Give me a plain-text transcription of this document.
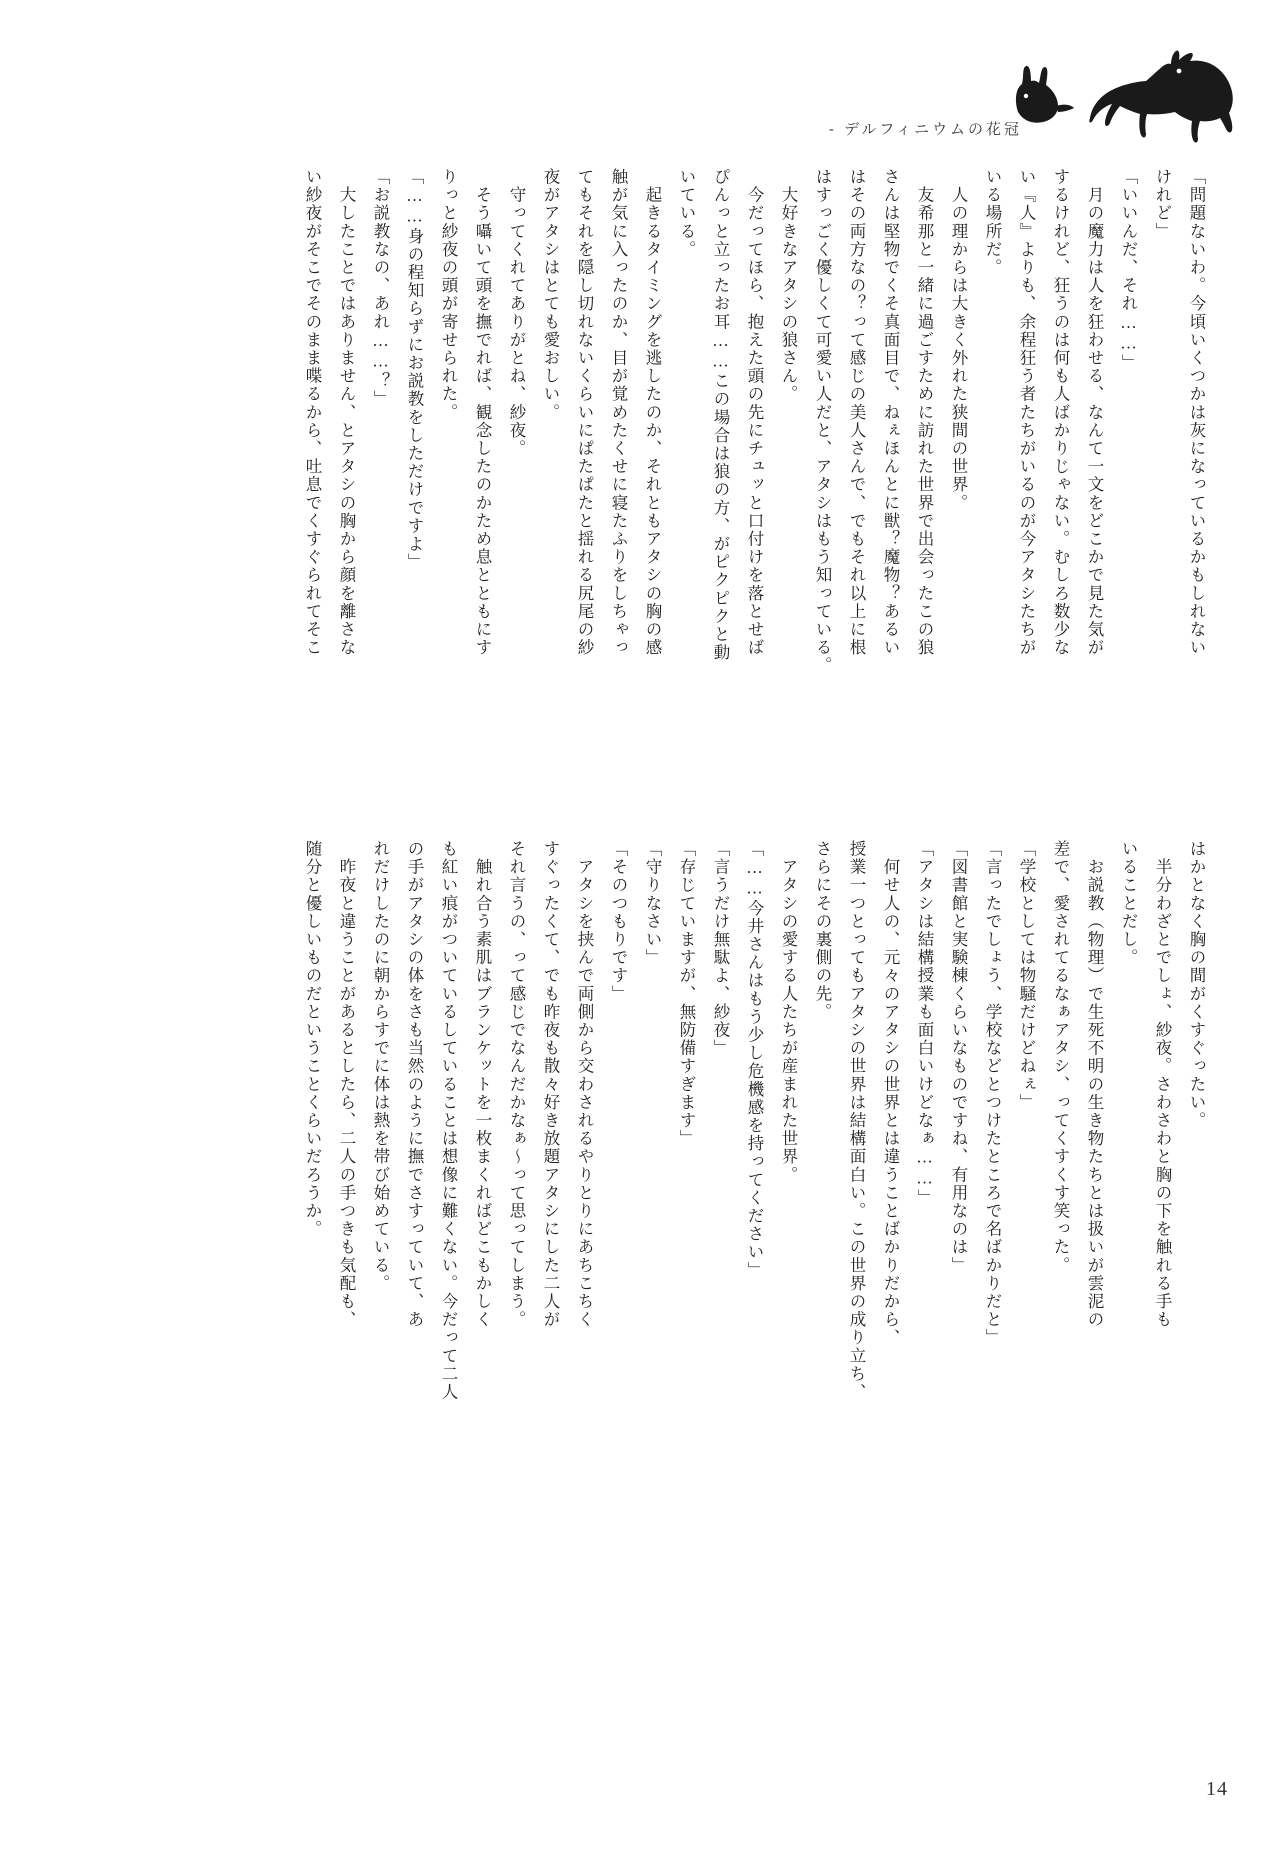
- デルフィニウムの花冠
「問題ないわ。今頃いくつかは灰になっているかもしれない
けれど」
「いいんだ、それ……」
　月の魔力は人を狂わせる、なんて一文をどこかで見た気が
するけれど、狂うのは何も人ばかりじゃない。むしろ数少な
い『人』よりも、余程狂う者たちがいるのが今アタシたちが
いる場所だ。
　人の理からは大きく外れた狭間の世界。
　友希那と一緒に過ごすために訪れた世界で出会ったこの狼
さんは堅物でくそ真面目で、ねぇほんとに獣？魔物？あるい
はその両方なの？って感じの美人さんで、でもそれ以上に根
はすっごく優しくて可愛い人だと、アタシはもう知っている。
　大好きなアタシの狼さん。
　今だってほら、抱えた頭の先にチュッと口付けを落とせば
ぴんっと立ったお耳……この場合は狼の方、がピクピクと動
いている。
　起きるタイミングを逃したのか、それともアタシの胸の感
触が気に入ったのか、目が覚めたくせに寝たふりをしちゃっ
てもそれを隠し切れないくらいにぱたぱたと揺れる尻尾の紗
夜がアタシはとても愛おしい。
　守ってくれてありがとね、紗夜。
　そう囁いて頭を撫でれば、観念したのかため息とともにす
りっと紗夜の頭が寄せられた。
「……身の程知らずにお説教をしただけですよ」
「お説教なの、あれ……？」
　大したことではありません、とアタシの胸から顔を離さな
い紗夜がそこでそのまま喋るから、吐息でくすぐられてそこ
はかとなく胸の間がくすぐったい。
　半分わざとでしょ、紗夜。さわさわと胸の下を触れる手も
いることだし。
　お説教（物理）で生死不明の生き物たちとは扱いが雲泥の
差で、愛されてるなぁアタシ、ってくすくす笑った。
「学校としては物騒だけどねぇ」
「言ったでしょう、学校などとつけたところで名ばかりだと」
「図書館と実験棟くらいなものですね、有用なのは」
「アタシは結構授業も面白いけどなぁ……」
　何せ人の、元々のアタシの世界とは違うことばかりだから、
授業一つとってもアタシの世界は結構面白い。この世界の成り立ち、
さらにその裏側の先。
　アタシの愛する人たちが産まれた世界。
「……今井さんはもう少し危機感を持ってください」
「言うだけ無駄よ、紗夜」
「存じていますが、無防備すぎます」
「守りなさい」
「そのつもりです」
　アタシを挟んで両側から交わされるやりとりにあちこちく
すぐったくて、でも昨夜も散々好き放題アタシにした二人が
それ言うの、って感じでなんだかなぁ～って思ってしまう。
　触れ合う素肌はブランケットを一枚まくればどこもかしく
も紅い痕がついているしていることは想像に難くない。今だって二人
の手がアタシの体をさも当然のように撫でさすっていて、あ
れだけしたのに朝からすでに体は熱を帯び始めている。
　昨夜と違うことがあるとしたら、二人の手つきも気配も、
随分と優しいものだということくらいだろうか。
14
